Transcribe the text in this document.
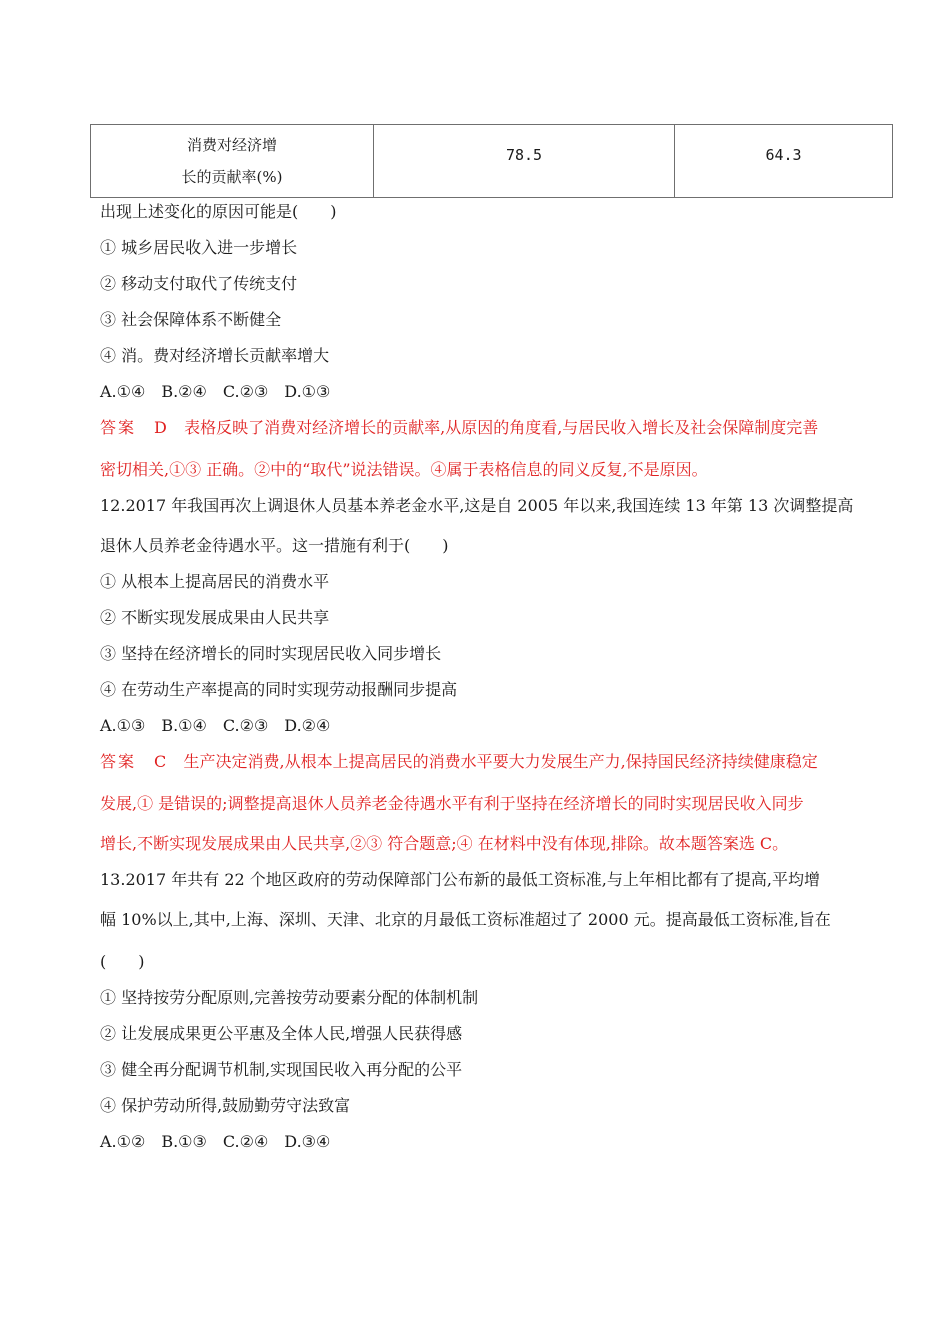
消费对经济增
长的贡献率(%)
	78.5	64.3
出现上述变化的原因可能是(　　)
① 城乡居民收入进一步增长
② 移动支付取代了传统支付
③ 社会保障体系不断健全
④ 消。费对经济增长贡献率增大
A.①④　B.②④　C.②③　D.①③
答案　D 表格反映了消费对经济增长的贡献率,从原因的角度看,与居民收入增长及社会保障制度完善
密切相关,①③ 正确。②中的“取代”说法错误。④属于表格信息的同义反复,不是原因。
12.2017 年我国再次上调退休人员基本养老金水平,这是自 2005 年以来,我国连续 13 年第 13 次调整提高
退休人员养老金待遇水平。这一措施有利于(　　)
① 从根本上提高居民的消费水平
② 不断实现发展成果由人民共享
③ 坚持在经济增长的同时实现居民收入同步增长
④ 在劳动生产率提高的同时实现劳动报酬同步提高
A.①③　B.①④　C.②③　D.②④
答案　C 生产决定消费,从根本上提高居民的消费水平要大力发展生产力,保持国民经济持续健康稳定
发展,① 是错误的;调整提高退休人员养老金待遇水平有利于坚持在经济增长的同时实现居民收入同步
增长,不断实现发展成果由人民共享,②③ 符合题意;④ 在材料中没有体现,排除。故本题答案选 C。
13.2017 年共有 22 个地区政府的劳动保障部门公布新的最低工资标准,与上年相比都有了提高,平均增
幅 10%以上,其中,上海、深圳、天津、北京的月最低工资标准超过了 2000 元。提高最低工资标准,旨在
(　　)
① 坚持按劳分配原则,完善按劳动要素分配的体制机制
② 让发展成果更公平惠及全体人民,增强人民获得感
③ 健全再分配调节机制,实现国民收入再分配的公平
④ 保护劳动所得,鼓励勤劳守法致富
A.①②　B.①③　C.②④　D.③④
